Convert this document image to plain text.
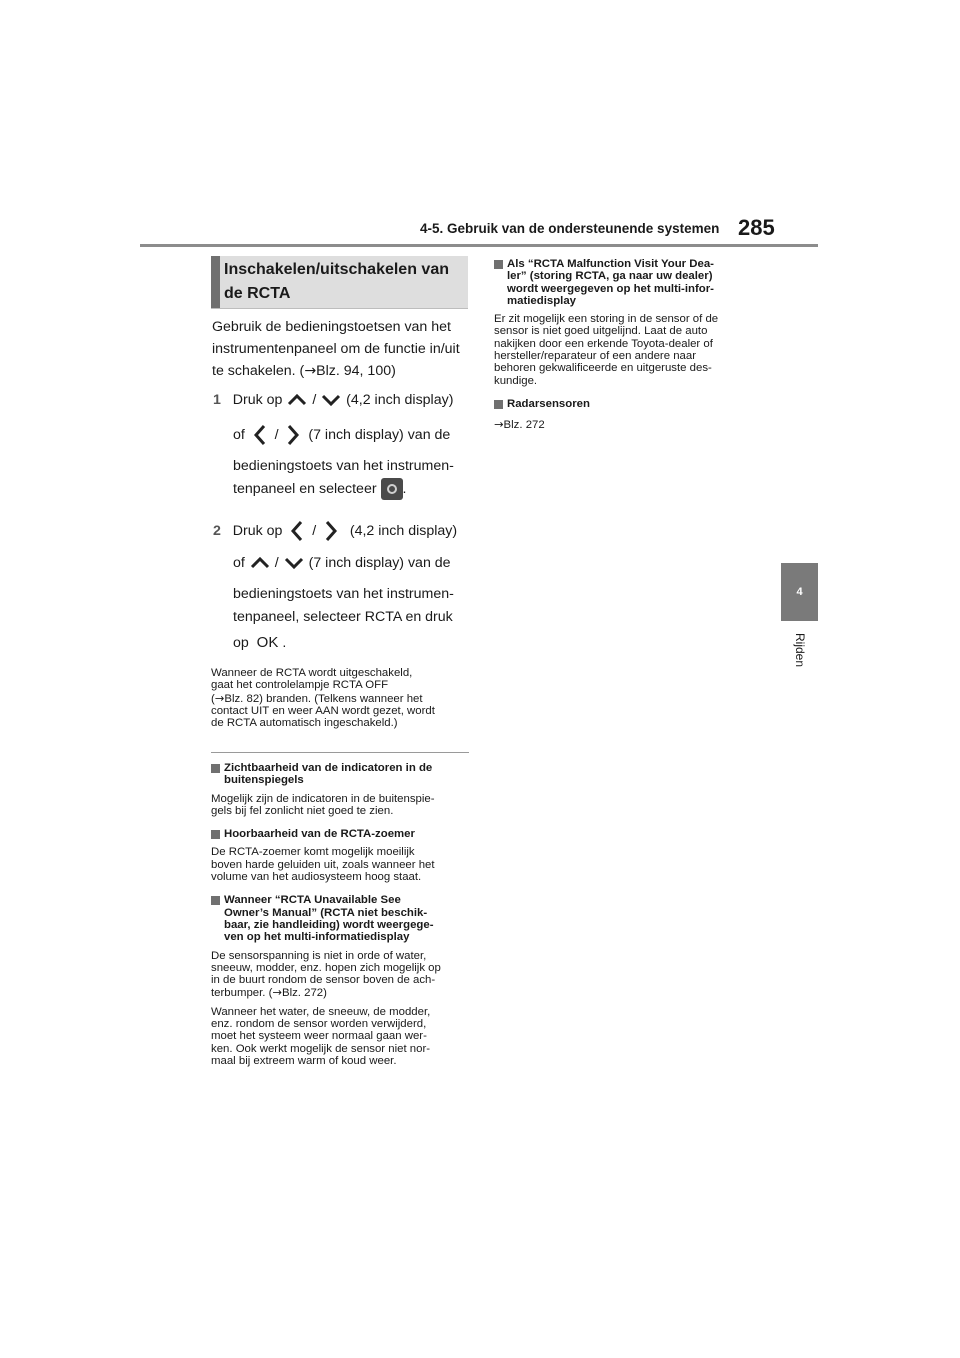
4-5. Gebruik van de ondersteunende systemen 285
4
Rijden
Inschakelen/uitschakelen van de RCTA
Gebruik de bedieningstoetsen van het
instrumentenpaneel om de functie in/uit
te schakelen. (→Blz. 94, 100)
1 Druk op / (4,2 inch display)
of / (7 inch display) van de
bedieningstoets van het instrumen-
tenpaneel en selecteer .
2 Druk op / (4,2 inch display)
of / (7 inch display) van de
bedieningstoets van het instrumen-
tenpaneel, selecteer RCTA en druk
op OK .
Wanneer de RCTA wordt uitgeschakeld,
gaat het controlelampje RCTA OFF
(→Blz. 82) branden. (Telkens wanneer het
contact UIT en weer AAN wordt gezet, wordt
de RCTA automatisch ingeschakeld.)
Zichtbaarheid van de indicatoren in de
buitenspiegels
Mogelijk zijn de indicatoren in de buitenspie-
gels bij fel zonlicht niet goed te zien.
Hoorbaarheid van de RCTA-zoemer
De RCTA-zoemer komt mogelijk moeilijk
boven harde geluiden uit, zoals wanneer het
volume van het audiosysteem hoog staat.
Wanneer “RCTA Unavailable See
Owner’s Manual” (RCTA niet beschik-
baar, zie handleiding) wordt weergege-
ven op het multi-informatiedisplay
De sensorspanning is niet in orde of water,
sneeuw, modder, enz. hopen zich mogelijk op
in de buurt rondom de sensor boven de ach-
terbumper. (→Blz. 272)
Wanneer het water, de sneeuw, de modder,
enz. rondom de sensor worden verwijderd,
moet het systeem weer normaal gaan wer-
ken. Ook werkt mogelijk de sensor niet nor-
maal bij extreem warm of koud weer.
Als “RCTA Malfunction Visit Your Dea-
ler” (storing RCTA, ga naar uw dealer)
wordt weergegeven op het multi-infor-
matiedisplay
Er zit mogelijk een storing in de sensor of de
sensor is niet goed uitgelijnd. Laat de auto
nakijken door een erkende Toyota-dealer of
hersteller/reparateur of een andere naar
behoren gekwalificeerde en uitgeruste des-
kundige.
Radarsensoren
→Blz. 272
